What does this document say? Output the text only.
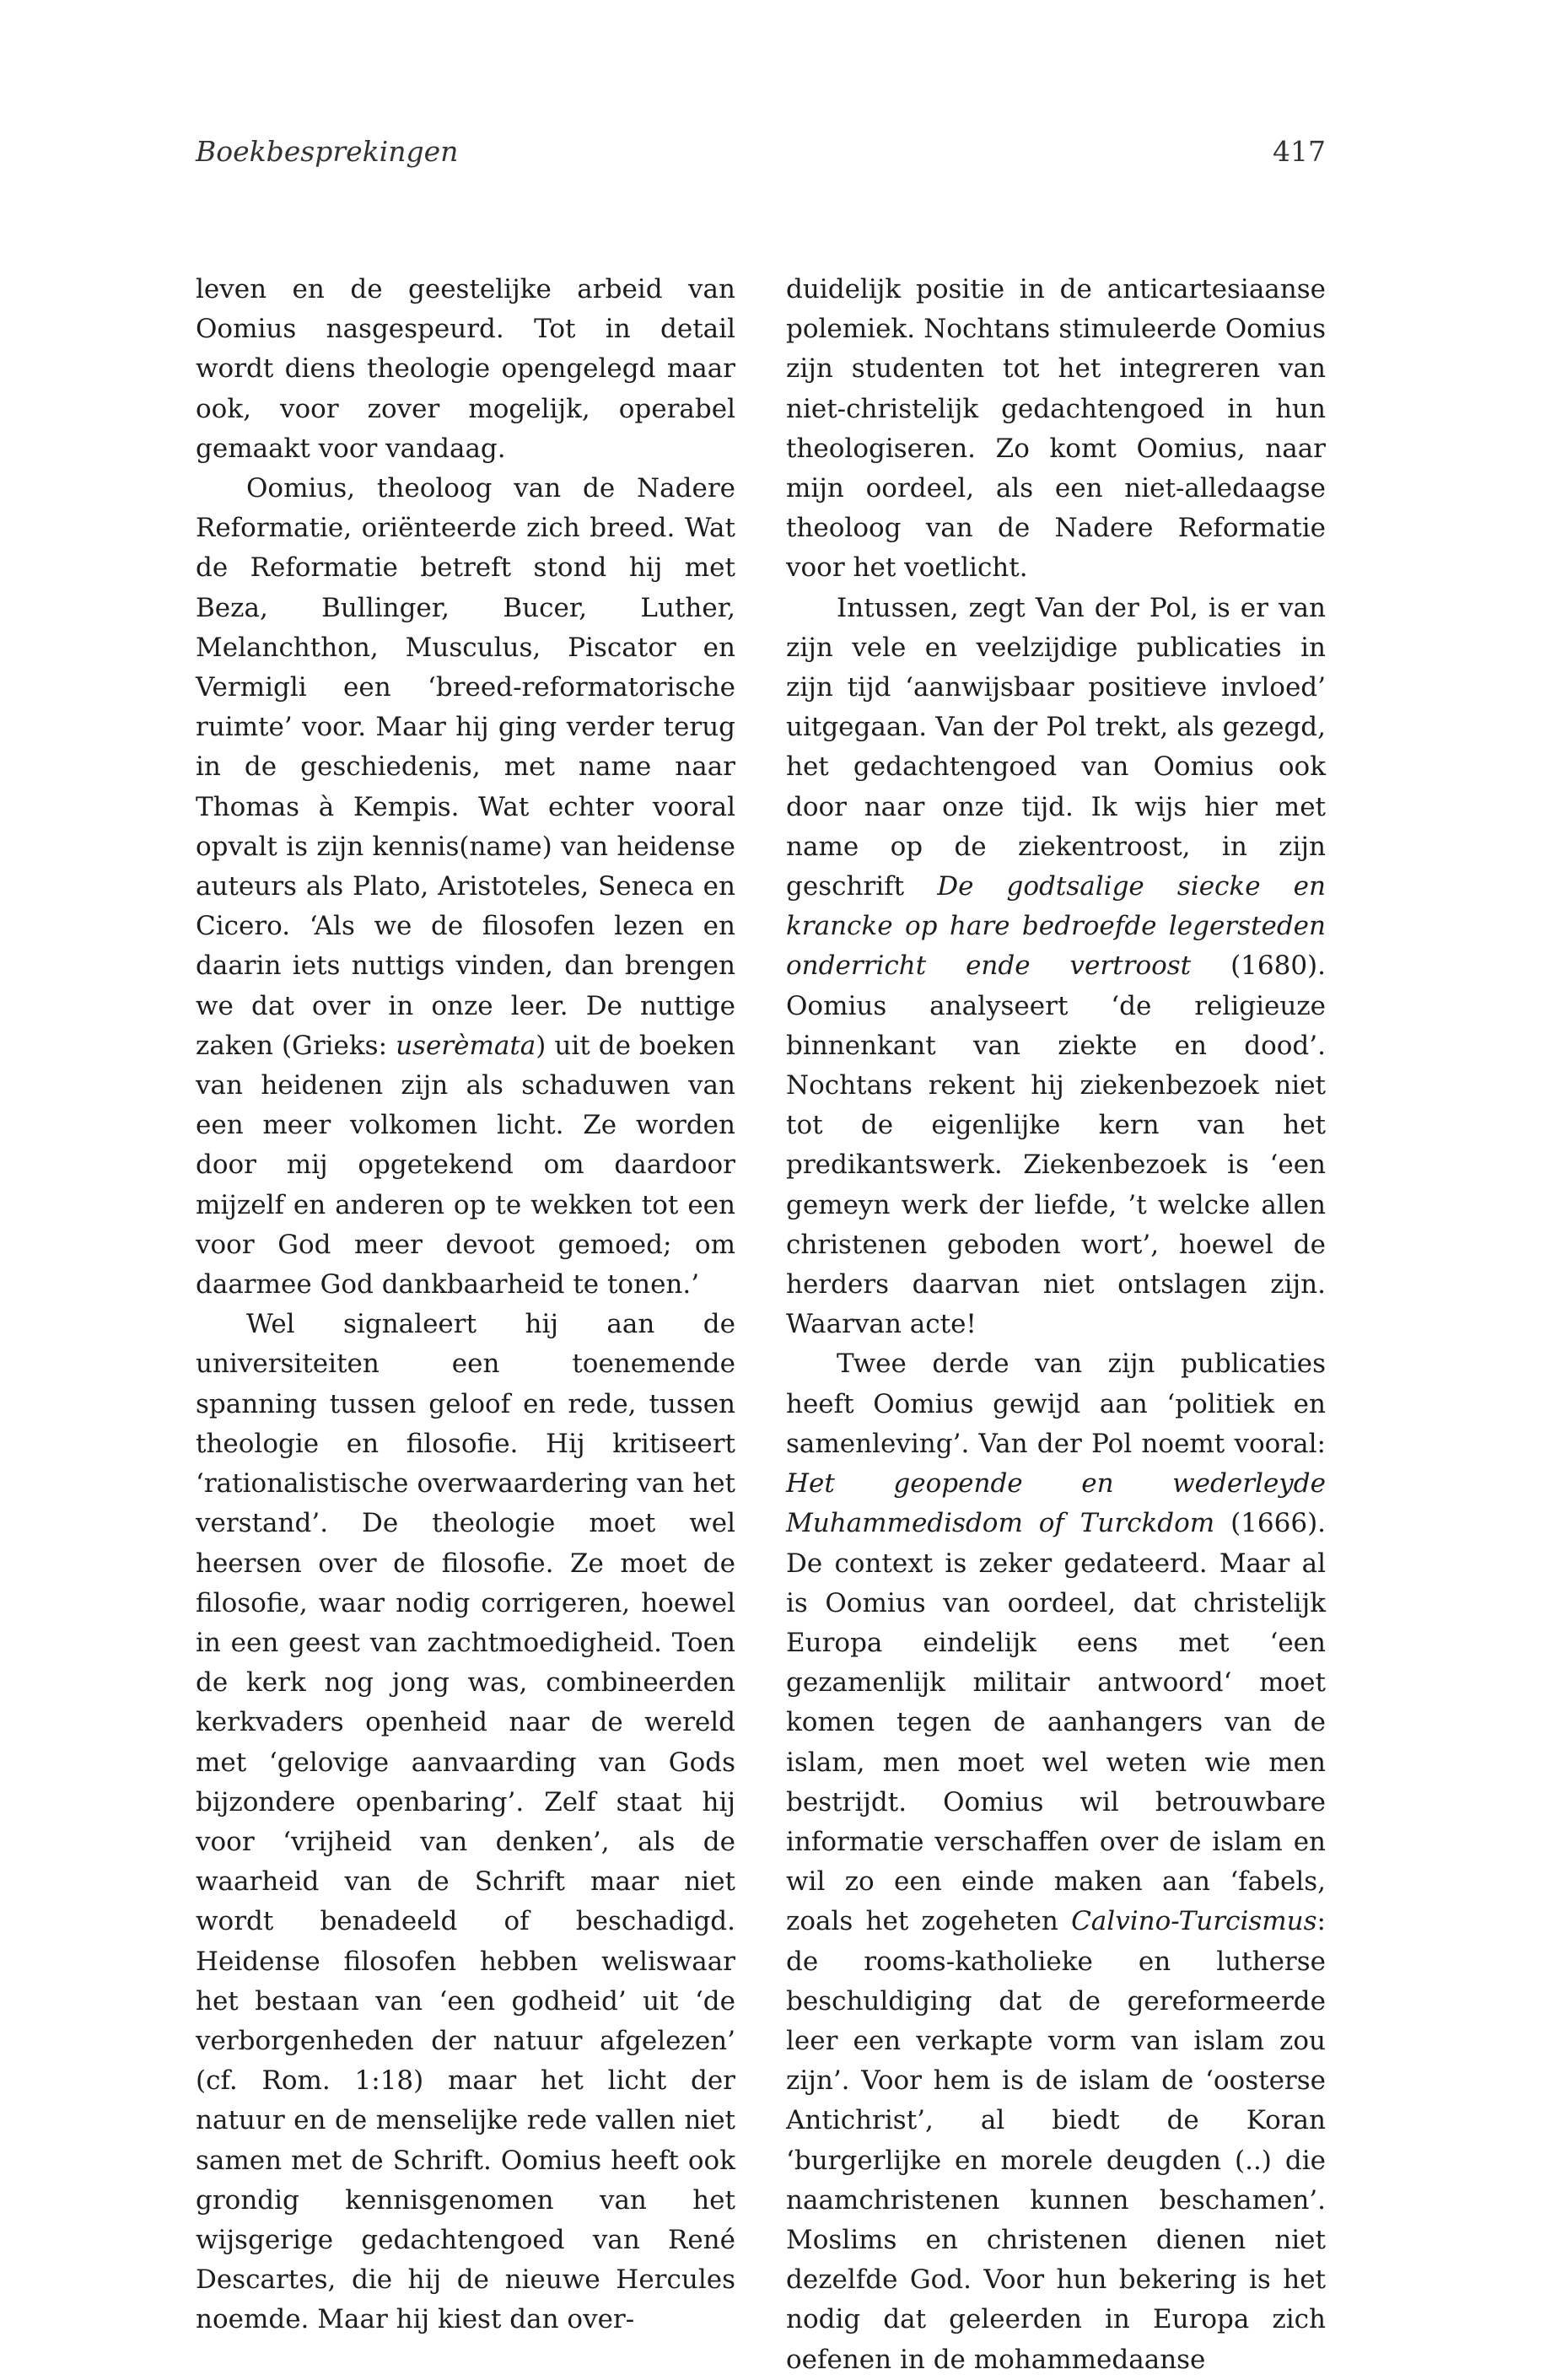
Boekbesprekingen	417

leven en de geestelijke arbeid van Oomius nasgespeurd. Tot in detail wordt diens theologie opengelegd maar ook, voor zover mogelijk, operabel gemaakt voor vandaag.

Oomius, theoloog van de Nadere Reformatie, oriënteerde zich breed. Wat de Reformatie betreft stond hij met Beza, Bullinger, Bucer, Luther, Melanchthon, Musculus, Piscator en Vermigli een ‘breed-reformatorische ruimte’ voor. Maar hij ging verder terug in de geschiedenis, met name naar Thomas à Kempis. Wat echter vooral opvalt is zijn kennis(name) van heidense auteurs als Plato, Aristoteles, Seneca en Cicero. ‘Als we de filosofen lezen en daarin iets nuttigs vinden, dan brengen we dat over in onze leer. De nuttige zaken (Grieks: userèmata) uit de boeken van heidenen zijn als schaduwen van een meer volkomen licht. Ze worden door mij opgetekend om daardoor mijzelf en anderen op te wekken tot een voor God meer devoot gemoed; om daarmee God dankbaarheid te tonen.’

Wel signaleert hij aan de universiteiten een toenemende spanning tussen geloof en rede, tussen theologie en filosofie. Hij kritiseert ‘rationalistische overwaardering van het verstand’. De theologie moet wel heersen over de filosofie. Ze moet de filosofie, waar nodig corrigeren, hoewel in een geest van zachtmoedigheid. Toen de kerk nog jong was, combineerden kerkvaders openheid naar de wereld met ‘gelovige aanvaarding van Gods bijzondere openbaring’. Zelf staat hij voor ‘vrijheid van denken’, als de waarheid van de Schrift maar niet wordt benadeeld of beschadigd. Heidense filosofen hebben weliswaar het bestaan van ‘een godheid’ uit ‘de verborgenheden der natuur afgelezen’ (cf. Rom. 1:18) maar het licht der natuur en de menselijke rede vallen niet samen met de Schrift. Oomius heeft ook grondig kennisgenomen van het wijsgerige gedachtengoed van René Descartes, die hij de nieuwe Hercules noemde. Maar hij kiest dan over-

duidelijk positie in de anticartesiaanse polemiek. Nochtans stimuleerde Oomius zijn studenten tot het integreren van niet-christelijk gedachtengoed in hun theologiseren. Zo komt Oomius, naar mijn oordeel, als een niet-alledaagse theoloog van de Nadere Reformatie voor het voetlicht.

Intussen, zegt Van der Pol, is er van zijn vele en veelzijdige publicaties in zijn tijd ‘aanwijsbaar positieve invloed’ uitgegaan. Van der Pol trekt, als gezegd, het gedachtengoed van Oomius ook door naar onze tijd. Ik wijs hier met name op de ziekentroost, in zijn geschrift De godtsalige siecke en krancke op hare bedroefde legersteden onderricht ende vertroost (1680). Oomius analyseert ‘de religieuze binnenkant van ziekte en dood’. Nochtans rekent hij ziekenbezoek niet tot de eigenlijke kern van het predikantswerk. Ziekenbezoek is ‘een gemeyn werk der liefde, ’t welcke allen christenen geboden wort’, hoewel de herders daarvan niet ontslagen zijn. Waarvan acte!

Twee derde van zijn publicaties heeft Oomius gewijd aan ‘politiek en samenleving’. Van der Pol noemt vooral: Het geopende en wederleyde Muhammedisdom of Turckdom (1666). De context is zeker gedateerd. Maar al is Oomius van oordeel, dat christelijk Europa eindelijk eens met ‘een gezamenlijk militair antwoord‘ moet komen tegen de aanhangers van de islam, men moet wel weten wie men bestrijdt. Oomius wil betrouwbare informatie verschaffen over de islam en wil zo een einde maken aan ‘fabels, zoals het zogeheten Calvino-Turcismus: de rooms-katholieke en lutherse beschuldiging dat de gereformeerde leer een verkapte vorm van islam zou zijn’. Voor hem is de islam de ‘oosterse Antichrist’, al biedt de Koran ‘burgerlijke en morele deugden (..) die naamchristenen kunnen beschamen’. Moslims en christenen dienen niet dezelfde God. Voor hun bekering is het nodig dat geleerden in Europa zich oefenen in de mohammedaanse
